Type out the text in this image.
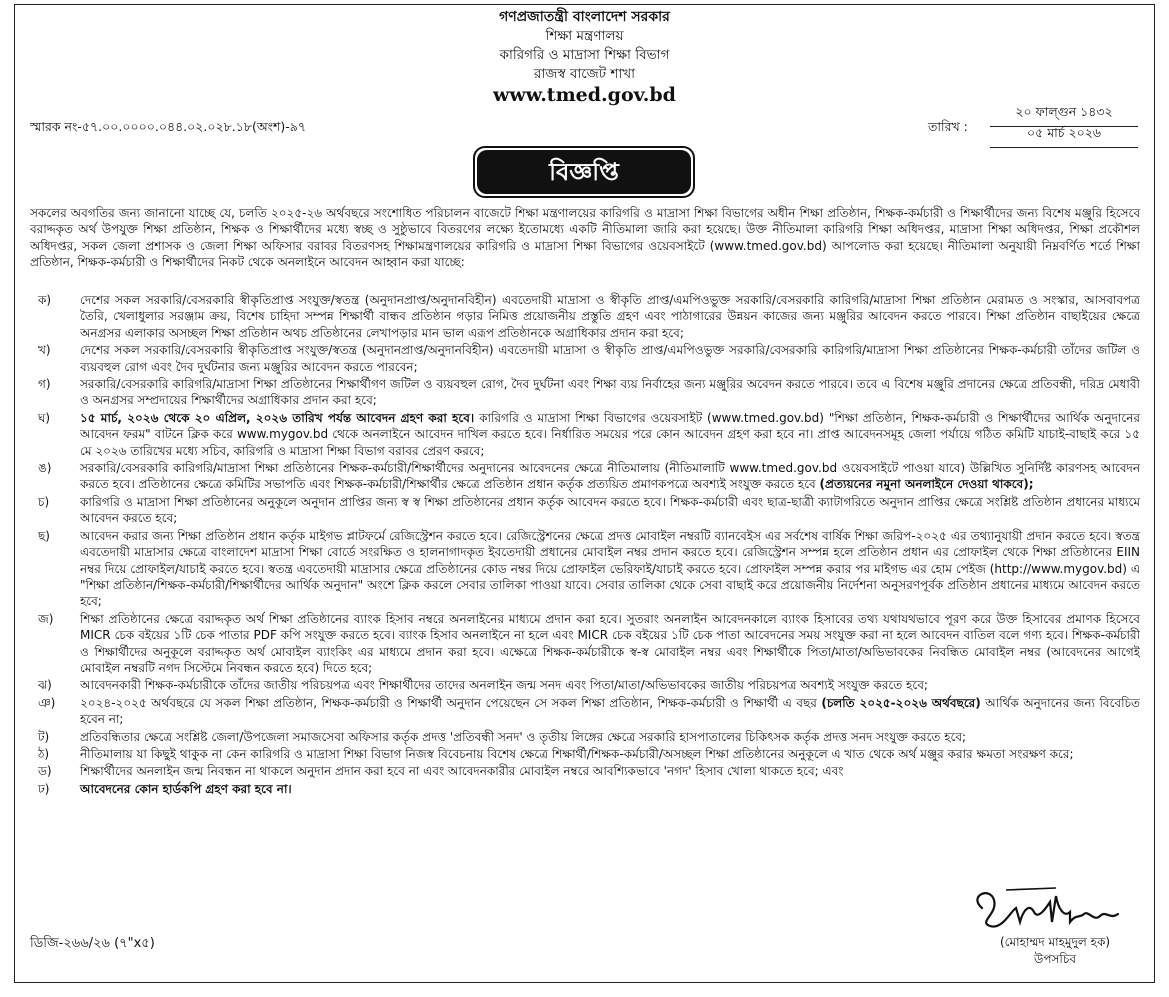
গণপ্রজাতন্ত্রী বাংলাদেশ সরকার
শিক্ষা মন্ত্রণালয়
কারিগরি ও মাদ্রাসা শিক্ষা বিভাগ
রাজস্ব বাজেট শাখা
www.tmed.gov.bd
স্মারক নং-৫৭.০০.০০০০.০৪৪.০২.০২৮.১৮(অংশ)-৯৭	তারিখ :
২০ ফাল্গুন ১৪৩২
০৫ মার্চ ২০২৬
বিজ্ঞপ্তি
সকলের অবগতির জন্য জানানো যাচ্ছে যে, চলতি ২০২৫-২৬ অর্থবছরে সংশোধিত পরিচালন বাজেটে শিক্ষা মন্ত্রণালয়ের কারিগরি ও মাদ্রাসা শিক্ষা বিভাগের অধীন শিক্ষা প্রতিষ্ঠান, শিক্ষক-কর্মচারী ও শিক্ষার্থীদের জন্য বিশেষ মঞ্জুরি হিসেবে বরাদ্দকৃত অর্থ উপযুক্ত শিক্ষা প্রতিষ্ঠান, শিক্ষক ও শিক্ষার্থীদের মধ্যে স্বচ্ছ ও সুষ্ঠুভাবে বিতরণের লক্ষ্যে ইতোমধ্যে একটি নীতিমালা জারি করা হয়েছে। উক্ত নীতিমালা কারিগরি শিক্ষা অধিদপ্তর, মাদ্রাসা শিক্ষা অধিদপ্তর, শিক্ষা প্রকৌশল অধিদপ্তর, সকল জেলা প্রশাসক ও জেলা শিক্ষা অফিসার বরাবর বিতরণসহ শিক্ষামন্ত্রণালয়ের কারিগরি ও মাদ্রাসা শিক্ষা বিভাগের ওয়েবসাইটে (www.tmed.gov.bd) আপলোড করা হয়েছে। নীতিমালা অনুযায়ী নিম্নবর্ণিত শর্তে শিক্ষা প্রতিষ্ঠান, শিক্ষক-কর্মচারী ও শিক্ষার্থীদের নিকট থেকে অনলাইনে আবেদন আহ্বান করা যাচ্ছে:
ক)	দেশের সকল সরকারি/বেসরকারি স্বীকৃতিপ্রাপ্ত সংযুক্ত/স্বতন্ত্র (অনুদানপ্রাপ্ত/অনুদানবিহীন) এবতেদায়ী মাদ্রাসা ও স্বীকৃতি প্রাপ্ত/এমপিওভুক্ত সরকারি/বেসরকারি কারিগরি/মাদ্রাসা শিক্ষা প্রতিষ্ঠান মেরামত ও সংস্কার, আসবাবপত্র তৈরি, খেলাধুলার সরঞ্জাম ক্রয়, বিশেষ চাহিদা সম্পন্ন শিক্ষার্থী বান্ধব প্রতিষ্ঠান গড়ার নিমিত্ত প্রয়োজনীয় প্রস্তুতি গ্রহণ এবং পাঠাগারের উন্নয়ন কাজের জন্য মঞ্জুরির আবেদন করতে পারবে। শিক্ষা প্রতিষ্ঠান বাছাইয়ের ক্ষেত্রে অনগ্রসর এলাকার অসচ্ছল শিক্ষা প্রতিষ্ঠান অথচ প্রতিষ্ঠানের লেখাপড়ার মান ভাল এরূপ প্রতিষ্ঠানকে অগ্রাধিকার প্রদান করা হবে;
খ)	দেশের সকল সরকারি/বেসরকারি স্বীকৃতিপ্রাপ্ত সংযুক্ত/স্বতন্ত্র (অনুদানপ্রাপ্ত/অনুদানবিহীন) এবতেদায়ী মাদ্রাসা ও স্বীকৃতি প্রাপ্ত/এমপিওভুক্ত সরকারি/বেসরকারি কারিগরি/মাদ্রাসা শিক্ষা প্রতিষ্ঠানের শিক্ষক-কর্মচারী তাঁদের জটিল ও ব্যয়বহুল রোগ এবং দৈব দুর্ঘটনার জন্য মঞ্জুরির আবেদন করতে পারবেন;
গ)	সরকারি/বেসরকারি কারিগরি/মাদ্রাসা শিক্ষা প্রতিষ্ঠানের শিক্ষার্থীগণ জটিল ও ব্যয়বহুল রোগ, দৈব দুর্ঘটনা এবং শিক্ষা ব্যয় নির্বাহের জন্য মঞ্জুরির অবেদন করতে পারবে। তবে এ বিশেষ মঞ্জুরি প্রদানের ক্ষেত্রে প্রতিবন্ধী, দরিদ্র মেধাবী ও অনগ্রসর সম্প্রদায়ের শিক্ষার্থীদের অগ্রাধিকার প্রদান করা হবে;
ঘ)	১৫ মার্চ, ২০২৬ থেকে ২০ এপ্রিল, ২০২৬ তারিখ পর্যন্ত আবেদন গ্রহণ করা হবে। কারিগরি ও মাদ্রাসা শিক্ষা বিভাগের ওয়েবসাইট (www.tmed.gov.bd) "শিক্ষা প্রতিষ্ঠান, শিক্ষক-কর্মচারী ও শিক্ষার্থীদের আর্থিক অনুদানের আবেদন ফরম" বাটনে ক্লিক করে www.mygov.bd থেকে অনলাইনে আবেদন দাখিল করতে হবে। নির্ধারিত সময়ের পরে কোন আবেদন গ্রহণ করা হবে না। প্রাপ্ত আবেদনসমূহ জেলা পর্যায়ে গঠিত কমিটি যাচাই-বাছাই করে ১৫ মে ২০২৬ তারিখের মধ্যে সচিব, কারিগরি ও মাদ্রাসা শিক্ষা বিভাগ বরাবর প্রেরণ করবে;
ঙ)	সরকারি/বেসরকারি কারিগরি/মাদ্রাসা শিক্ষা প্রতিষ্ঠানের শিক্ষক-কর্মচারী/শিক্ষার্থীদের অনুদানের আবেদনের ক্ষেত্রে নীতিমালায় (নীতিমালাটি www.tmed.gov.bd ওয়েবসাইটে পাওয়া যাবে) উল্লিখিত সুনির্দিষ্ট কারণসহ আবেদন করতে হবে। প্রতিষ্ঠানের ক্ষেত্রে কমিটির সভাপতি এবং শিক্ষক-কর্মচারী/শিক্ষার্থীর ক্ষেত্রে প্রতিষ্ঠান প্রধান কর্তৃক প্রত্যয়িত প্রমাণকপত্রে অবশ্যই সংযুক্ত করতে হবে (প্রত্যয়নের নমুনা অনলাইনে দেওয়া থাকবে);
চ)	কারিগরি ও মাদ্রাসা শিক্ষা প্রতিষ্ঠানের অনুকূলে অনুদান প্রাপ্তির জন্য স্ব স্ব শিক্ষা প্রতিষ্ঠানের প্রধান কর্তৃক আবেদন করতে হবে। শিক্ষক-কর্মচারী এবং ছাত্র-ছাত্রী ক্যাটাগরিতে অনুদান প্রাপ্তির ক্ষেত্রে সংশ্লিষ্ট প্রতিষ্ঠান প্রধানের মাধ্যমে আবেদন করতে হবে;
ছ)	আবেদন করার জন্য শিক্ষা প্রতিষ্ঠান প্রধান কর্তৃক মাইগভ প্লাটফর্মে রেজিস্ট্রেশন করতে হবে। রেজিস্ট্রেশনের ক্ষেত্রে প্রদত্ত মোবাইল নম্বরটি ব্যানবেইস এর সর্বশেষ বার্ষিক শিক্ষা জরিপ-২০২৫ এর তথ্যানুযায়ী প্রদান করতে হবে। স্বতন্ত্র এবতেদায়ী মাদ্রাসার ক্ষেত্রে বাংলাদেশ মাদ্রাসা শিক্ষা বোর্ডে সংরক্ষিত ও হালনাগাদকৃত ইবতেদায়ী প্রধানের মোবাইল নম্বর প্রদান করতে হবে। রেজিস্ট্রেশন সম্পন্ন হলে প্রতিষ্ঠান প্রধান এর প্রোফাইল থেকে শিক্ষা প্রতিষ্ঠানের EIIN নম্বর দিয়ে প্রোফাইল/যাচাই করতে হবে। স্বতন্ত্র এবতেদায়ী মাদ্রাসার ক্ষেত্রে প্রতিষ্ঠানের কোড নম্বর দিয়ে প্রোফাইল ভেরিফাই/যাচাই করতে হবে। প্রোফাইল সম্পন্ন করার পর মাইগভ এর হোম পেইজ (http://www.mygov.bd) এ "শিক্ষা প্রতিষ্ঠান/শিক্ষক-কর্মচারী/শিক্ষার্থীদের আর্থিক অনুদান" অংশে ক্লিক করলে সেবার তালিকা পাওয়া যাবে। সেবার তালিকা থেকে সেবা বাছাই করে প্রয়োজনীয় নির্দেশনা অনুসরণপূর্বক প্রতিষ্ঠান প্রধানের মাধ্যমে আবেদন করতে হবে;
জ)	শিক্ষা প্রতিষ্ঠানের ক্ষেত্রে বরাদ্দকৃত অর্থ শিক্ষা প্রতিষ্ঠানের ব্যাংক হিসাব নম্বরে অনলাইনের মাধ্যমে প্রদান করা হবে। সুতরাং অনলাইন আবেদনকালে ব্যাংক হিসাবের তথ্য যথাযথভাবে পূরণ করে উক্ত হিসাবের প্রমাণক হিসেবে MICR চেক বইয়ের ১টি চেক পাতার PDF কপি সংযুক্ত করতে হবে। ব্যাংক হিসাব অনলাইনে না হলে এবং MICR চেক বইয়ের ১টি চেক পাতা আবেদনের সময় সংযুক্ত করা না হলে আবেদন বাতিল বলে গণ্য হবে। শিক্ষক-কর্মচারী ও শিক্ষার্থীদের অনুকূলে বরাদ্দকৃত অর্থ মোবাইল ব্যাংকিং এর মাধ্যমে প্রদান করা হবে। এক্ষেত্রে শিক্ষক-কর্মচারীকে স্ব-স্ব মোবাইল নম্বর এবং শিক্ষার্থীকে পিতা/মাতা/অভিভাবকের নিবন্ধিত মোবাইল নম্বর (আবেদনের আগেই মোবাইল নম্বরটি নগদ সিস্টেমে নিবন্ধন করতে হবে) দিতে হবে;
ঝ)	আবেদনকারী শিক্ষক-কর্মচারীকে তাঁদের জাতীয় পরিচয়পত্র এবং শিক্ষার্থীদের তাদের অনলাইন জন্ম সনদ এবং পিতা/মাতা/অভিভাবকের জাতীয় পরিচয়পত্র অবশ্যই সংযুক্ত করতে হবে;
ঞ)	২০২৪-২০২৫ অর্থবছরে যে সকল শিক্ষা প্রতিষ্ঠান, শিক্ষক-কর্মচারী ও শিক্ষার্থী অনুদান পেয়েছেন সে সকল শিক্ষা প্রতিষ্ঠান, শিক্ষক-কর্মচারী ও শিক্ষার্থী এ বছর (চলতি ২০২৫-২০২৬ অর্থবছরে) আর্থিক অনুদানের জন্য বিবেচিত হবেন না;
ট)	প্রতিবন্ধিতার ক্ষেত্রে সংশ্লিষ্ট জেলা/উপজেলা সমাজসেবা অফিসার কর্তৃক প্রদত্ত 'প্রতিবন্ধী সনদ' ও তৃতীয় লিঙ্গের ক্ষেত্রে সরকারি হাসপাতালের চিকিৎসক কর্তৃক প্রদত্ত সনদ সংযুক্ত করতে হবে;
ঠ)	নীতিমালায় যা কিছুই থাকুক না কেন কারিগরি ও মাদ্রাসা শিক্ষা বিভাগ নিজস্ব বিবেচনায় বিশেষ ক্ষেত্রে শিক্ষার্থী/শিক্ষক-কর্মচারী/অসচ্ছল শিক্ষা প্রতিষ্ঠানের অনুকূলে এ খাত থেকে অর্থ মঞ্জুর করার ক্ষমতা সংরক্ষণ করে;
ড)	শিক্ষার্থীদের অনলাইন জন্ম নিবন্ধন না থাকলে অনুদান প্রদান করা হবে না এবং আবেদনকারীর মোবাইল নম্বরে আবশ্যিকভাবে 'নগদ' হিসাব খোলা থাকতে হবে; এবং
ঢ)	আবেদনের কোন হার্ডকপি গ্রহণ করা হবে না।
ডিজি-২৬৬/২৬ (৭"x৫)	(মোহাম্মদ মাহমুদুল হক)
উপসচিব
